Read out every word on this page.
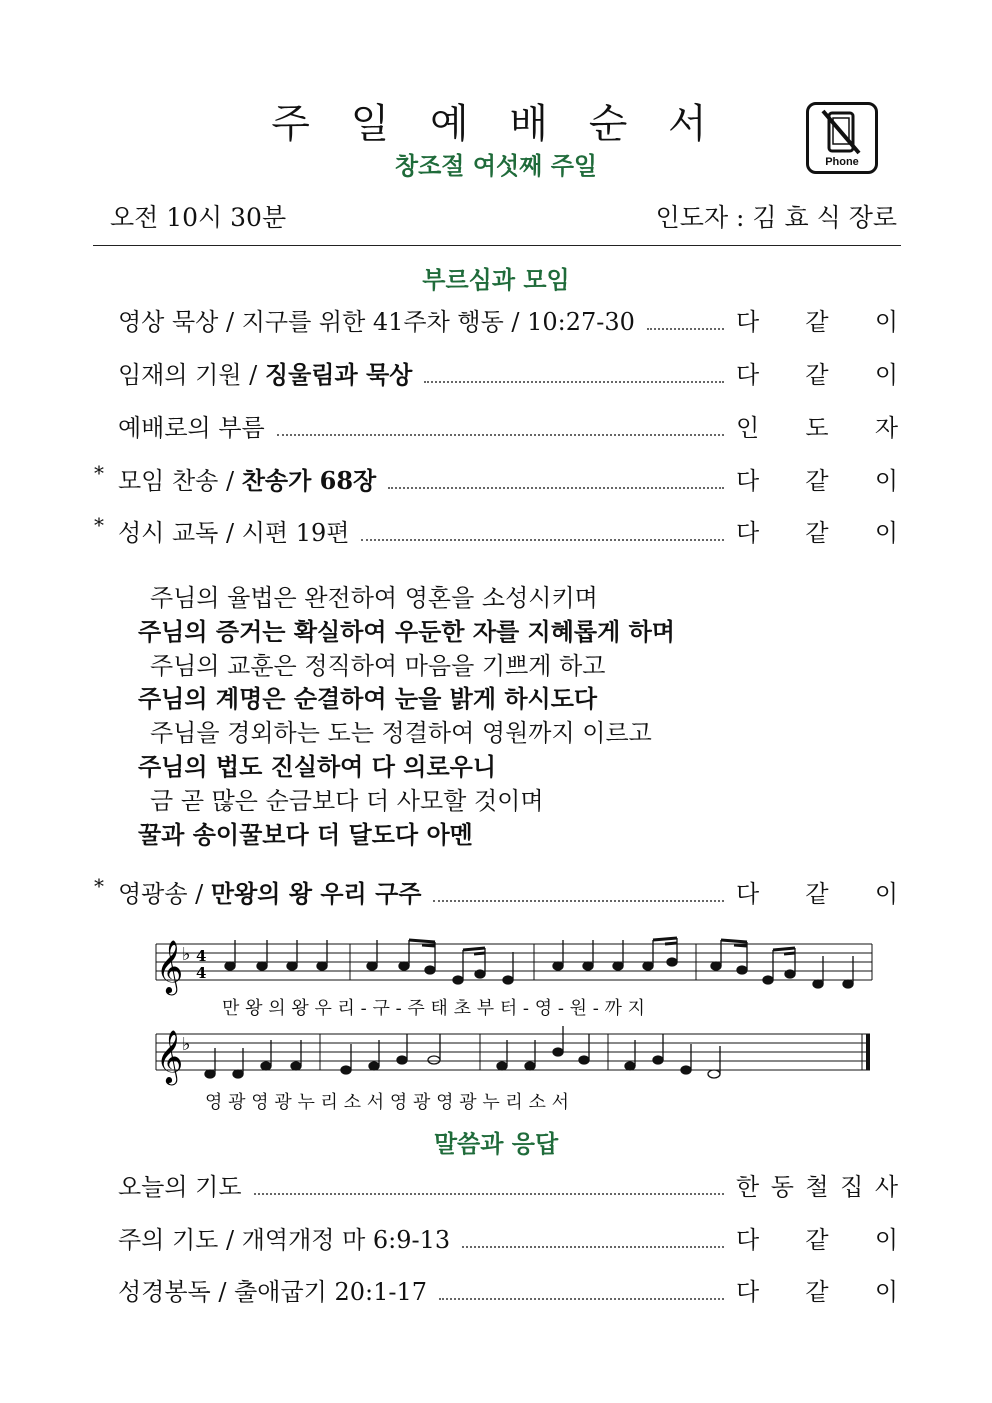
주 일 예 배 순 서
창조절 여섯째 주일	Phone
오전 10시 30분	인도자 : 김 효 식 장로
부르심과 모임
영상 묵상 / 지구를 위한 41주차 행동 / 10:27-30	다 같 이
임재의 기원 / 징울림과 묵상	다 같 이
예배로의 부름	인 도 자
* 모임 찬송 / 찬송가 68장	다 같 이
* 성시 교독 / 시편 19편	다 같 이
주님의 율법은 완전하여 영혼을 소성시키며
주님의 증거는 확실하여 우둔한 자를 지혜롭게 하며
주님의 교훈은 정직하여 마음을 기쁘게 하고
주님의 계명은 순결하여 눈을 밝게 하시도다
주님을 경외하는 도는 정결하여 영원까지 이르고
주님의 법도 진실하여 다 의로우니
금 곧 많은 순금보다 더 사모할 것이며
꿀과 송이꿀보다 더 달도다 아멘
* 영광송 / 만왕의 왕 우리 구주	다 같 이
𝄞
♭ 4
4
만 왕 의 왕 우 리 - 구 - 주 태 초 부 터 - 영 - 원 - 까 지
𝄞
♭
영 광 영 광 누 리 소 서 영 광 영 광 누 리 소 서
말씀과 응답
오늘의 기도	한 동 철 집 사
주의 기도 / 개역개정 마 6:9-13	다 같 이
성경봉독 / 출애굽기 20:1-17	다 같 이
